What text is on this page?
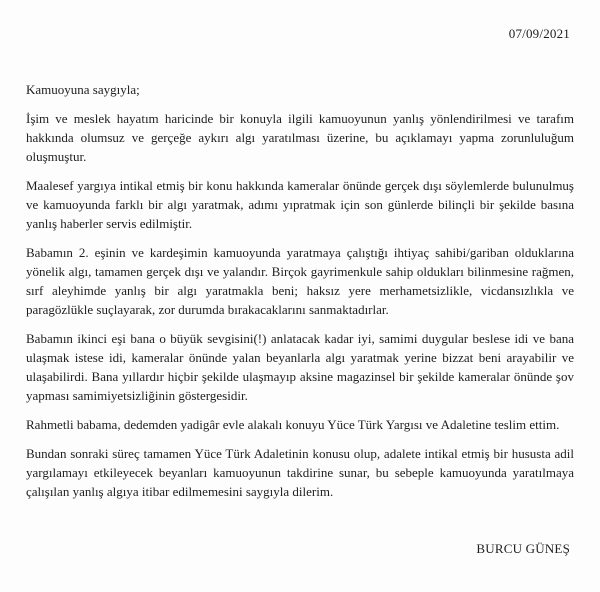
07/09/2021

Kamuoyuna saygıyla;

İşim ve meslek hayatım haricinde bir konuyla ilgili kamuoyunun yanlış yönlendirilmesi ve tarafım hakkında olumsuz ve gerçeğe aykırı algı yaratılması üzerine, bu açıklamayı yapma zorunluluğum oluşmuştur.

Maalesef yargıya intikal etmiş bir konu hakkında kameralar önünde gerçek dışı söylemlerde bulunulmuş ve kamuoyunda farklı bir algı yaratmak, adımı yıpratmak için son günlerde bilinçli bir şekilde basına yanlış haberler servis edilmiştir.

Babamın 2. eşinin ve kardeşimin kamuoyunda yaratmaya çalıştığı ihtiyaç sahibi/gariban olduklarına yönelik algı, tamamen gerçek dışı ve yalandır. Birçok gayrimenkule sahip oldukları bilinmesine rağmen, sırf aleyhimde yanlış bir algı yaratmakla beni; haksız yere merhametsizlikle, vicdansızlıkla ve paragözlükle suçlayarak, zor durumda bırakacaklarını sanmaktadırlar.

Babamın ikinci eşi bana o büyük sevgisini(!) anlatacak kadar iyi, samimi duygular beslese idi ve bana ulaşmak istese idi, kameralar önünde yalan beyanlarla algı yaratmak yerine bizzat beni arayabilir ve ulaşabilirdi. Bana yıllardır hiçbir şekilde ulaşmayıp aksine magazinsel bir şekilde kameralar önünde şov yapması samimiyetsizliğinin göstergesidir.

Rahmetli babama, dedemden yadigâr evle alakalı konuyu Yüce Türk Yargısı ve Adaletine teslim ettim.

Bundan sonraki süreç tamamen Yüce Türk Adaletinin konusu olup, adalete intikal etmiş bir hususta adil yargılamayı etkileyecek beyanları kamuoyunun takdirine sunar, bu sebeple kamuoyunda yaratılmaya çalışılan yanlış algıya itibar edilmemesini saygıyla dilerim.

BURCU GÜNEŞ
